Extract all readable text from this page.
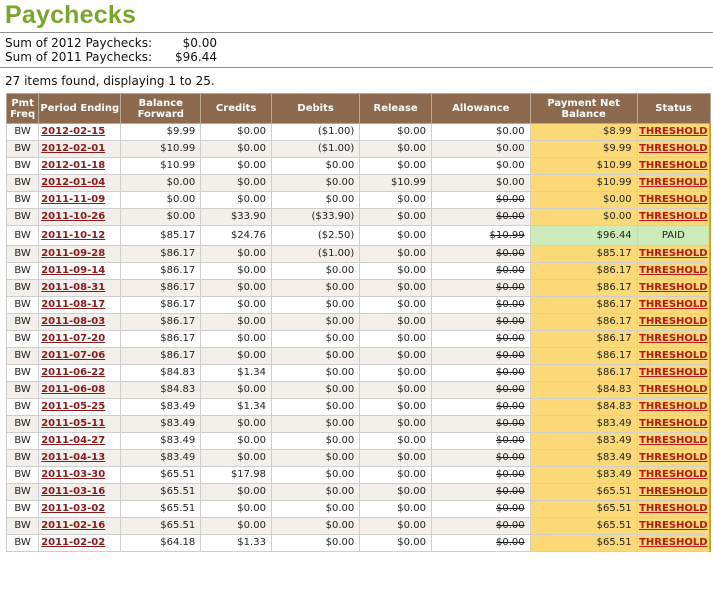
Paychecks
Sum of 2012 Paychecks:	$0.00
Sum of 2011 Paychecks:	$96.44
27 items found, displaying 1 to 25.
Pmt Freq	Period Ending	Balance Forward	Credits	Debits	Release	Allowance	Payment Net Balance	Status
BW	2012-02-15	$9.99	$0.00	($1.00)	$0.00	$0.00	$8.99	THRESHOLD
BW	2012-02-01	$10.99	$0.00	($1.00)	$0.00	$0.00	$9.99	THRESHOLD
BW	2012-01-18	$10.99	$0.00	$0.00	$0.00	$0.00	$10.99	THRESHOLD
BW	2012-01-04	$0.00	$0.00	$0.00	$10.99	$0.00	$10.99	THRESHOLD
BW	2011-11-09	$0.00	$0.00	$0.00	$0.00	$0.00	$0.00	THRESHOLD
BW	2011-10-26	$0.00	$33.90	($33.90)	$0.00	$0.00	$0.00	THRESHOLD
BW	2011-10-12	$85.17	$24.76	($2.50)	$0.00	$10.99	$96.44	PAID
BW	2011-09-28	$86.17	$0.00	($1.00)	$0.00	$0.00	$85.17	THRESHOLD
BW	2011-09-14	$86.17	$0.00	$0.00	$0.00	$0.00	$86.17	THRESHOLD
BW	2011-08-31	$86.17	$0.00	$0.00	$0.00	$0.00	$86.17	THRESHOLD
BW	2011-08-17	$86.17	$0.00	$0.00	$0.00	$0.00	$86.17	THRESHOLD
BW	2011-08-03	$86.17	$0.00	$0.00	$0.00	$0.00	$86.17	THRESHOLD
BW	2011-07-20	$86.17	$0.00	$0.00	$0.00	$0.00	$86.17	THRESHOLD
BW	2011-07-06	$86.17	$0.00	$0.00	$0.00	$0.00	$86.17	THRESHOLD
BW	2011-06-22	$84.83	$1.34	$0.00	$0.00	$0.00	$86.17	THRESHOLD
BW	2011-06-08	$84.83	$0.00	$0.00	$0.00	$0.00	$84.83	THRESHOLD
BW	2011-05-25	$83.49	$1.34	$0.00	$0.00	$0.00	$84.83	THRESHOLD
BW	2011-05-11	$83.49	$0.00	$0.00	$0.00	$0.00	$83.49	THRESHOLD
BW	2011-04-27	$83.49	$0.00	$0.00	$0.00	$0.00	$83.49	THRESHOLD
BW	2011-04-13	$83.49	$0.00	$0.00	$0.00	$0.00	$83.49	THRESHOLD
BW	2011-03-30	$65.51	$17.98	$0.00	$0.00	$0.00	$83.49	THRESHOLD
BW	2011-03-16	$65.51	$0.00	$0.00	$0.00	$0.00	$65.51	THRESHOLD
BW	2011-03-02	$65.51	$0.00	$0.00	$0.00	$0.00	$65.51	THRESHOLD
BW	2011-02-16	$65.51	$0.00	$0.00	$0.00	$0.00	$65.51	THRESHOLD
BW	2011-02-02	$64.18	$1.33	$0.00	$0.00	$0.00	$65.51	THRESHOLD
